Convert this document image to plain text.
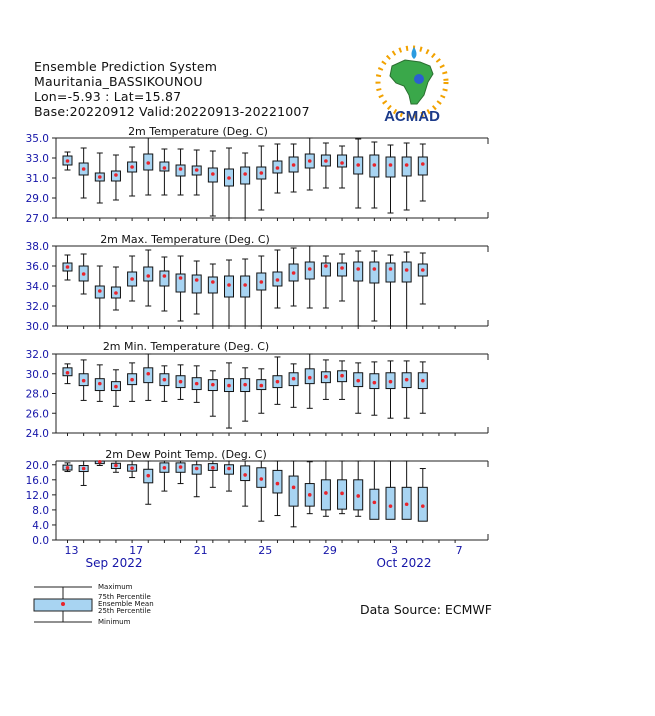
Ensemble Prediction System
Mauritania_BASSIKOUNOU
Lon=-5.93 : Lat=15.87
Base:20220912 Valid:20220913-20221007	ACMAD
2m Temperature (Deg. C)
2m Max. Temperature (Deg. C)
2m Min. Temperature (Deg. C)
2m Dew Point Temp. (Deg. C)
35.0
33.0
31.0
29.0
27.0
38.0
36.0
34.0
32.0
30.0
32.0
30.0
28.0
26.0
24.0
20.0
16.0
12.0
8.0
4.0
0.0
13	17	21	25	29	3	7
Sep 2022	Oct 2022
Maximum
75th Percentile
Ensemble Mean
25th Percentile
Minimum
Data Source: ECMWF
